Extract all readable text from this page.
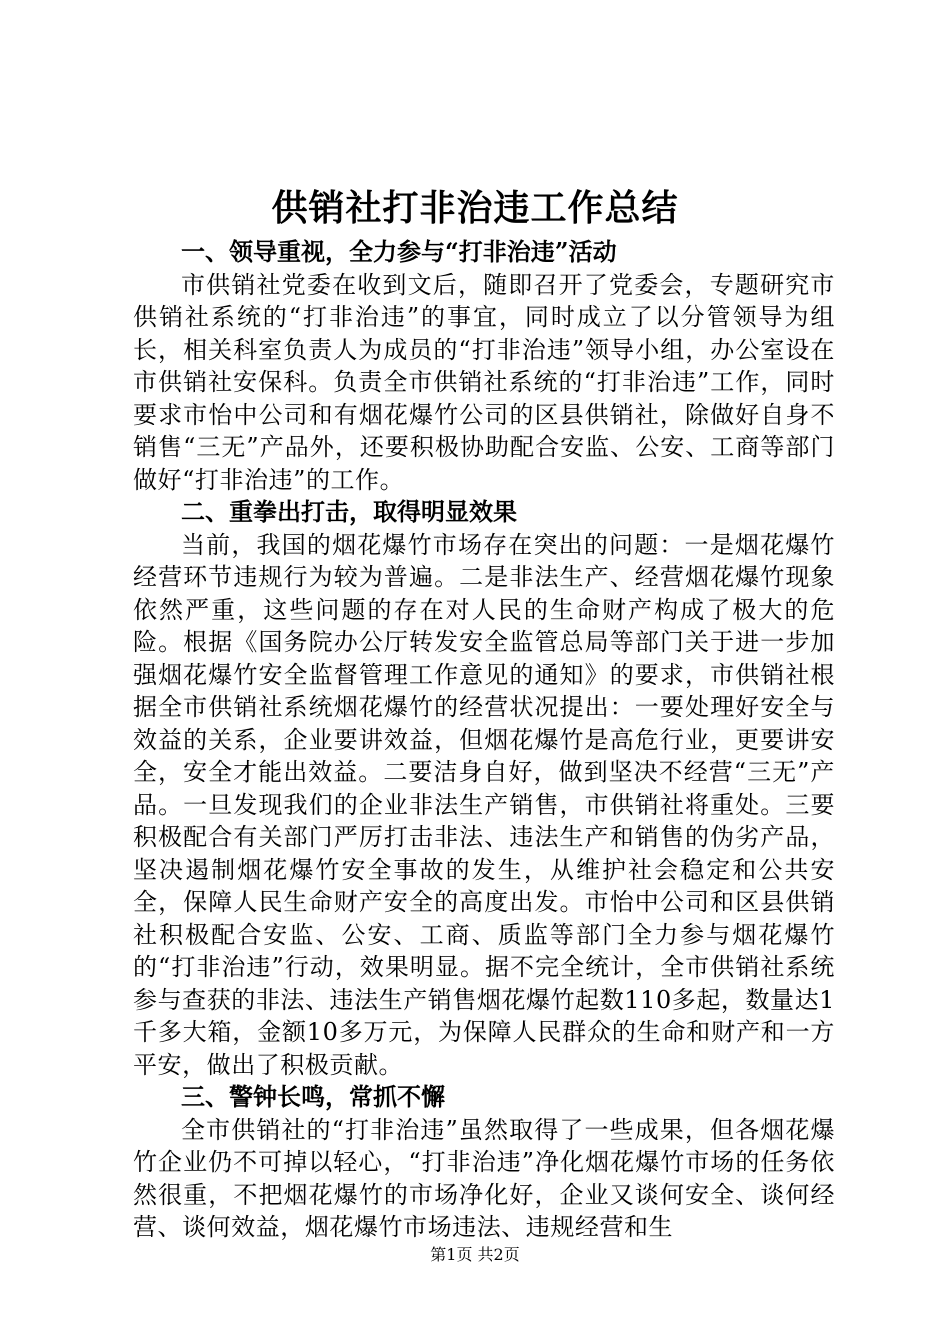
供销社打非治违工作总结

一、领导重视，全力参与“打非治违”活动

市供销社党委在收到文后，随即召开了党委会，专题研究市供销社系统的“打非治违”的事宜，同时成立了以分管领导为组长，相关科室负责人为成员的“打非治违”领导小组，办公室设在市供销社安保科。负责全市供销社系统的“打非治违”工作，同时要求市怡中公司和有烟花爆竹公司的区县供销社，除做好自身不销售“三无”产品外，还要积极协助配合安监、公安、工商等部门做好“打非治违”的工作。

二、重拳出打击，取得明显效果

当前，我国的烟花爆竹市场存在突出的问题：一是烟花爆竹经营环节违规行为较为普遍。二是非法生产、经营烟花爆竹现象依然严重，这些问题的存在对人民的生命财产构成了极大的危险。根据《国务院办公厅转发安全监管总局等部门关于进一步加强烟花爆竹安全监督管理工作意见的通知》的要求，市供销社根据全市供销社系统烟花爆竹的经营状况提出：一要处理好安全与效益的关系，企业要讲效益，但烟花爆竹是高危行业，更要讲安全，安全才能出效益。二要洁身自好，做到坚决不经营“三无”产品。一旦发现我们的企业非法生产销售，市供销社将重处。三要积极配合有关部门严厉打击非法、违法生产和销售的伪劣产品，坚决遏制烟花爆竹安全事故的发生，从维护社会稳定和公共安全，保障人民生命财产安全的高度出发。市怡中公司和区县供销社积极配合安监、公安、工商、质监等部门全力参与烟花爆竹的“打非治违”行动，效果明显。据不完全统计，全市供销社系统参与查获的非法、违法生产销售烟花爆竹起数110多起，数量达1千多大箱，金额10多万元，为保障人民群众的生命和财产和一方平安，做出了积极贡献。

三、警钟长鸣，常抓不懈

全市供销社的“打非治违”虽然取得了一些成果，但各烟花爆竹企业仍不可掉以轻心，“打非治违”净化烟花爆竹市场的任务依然很重，不把烟花爆竹的市场净化好，企业又谈何安全、谈何经营、谈何效益，烟花爆竹市场违法、违规经营和生

第1页 共2页
